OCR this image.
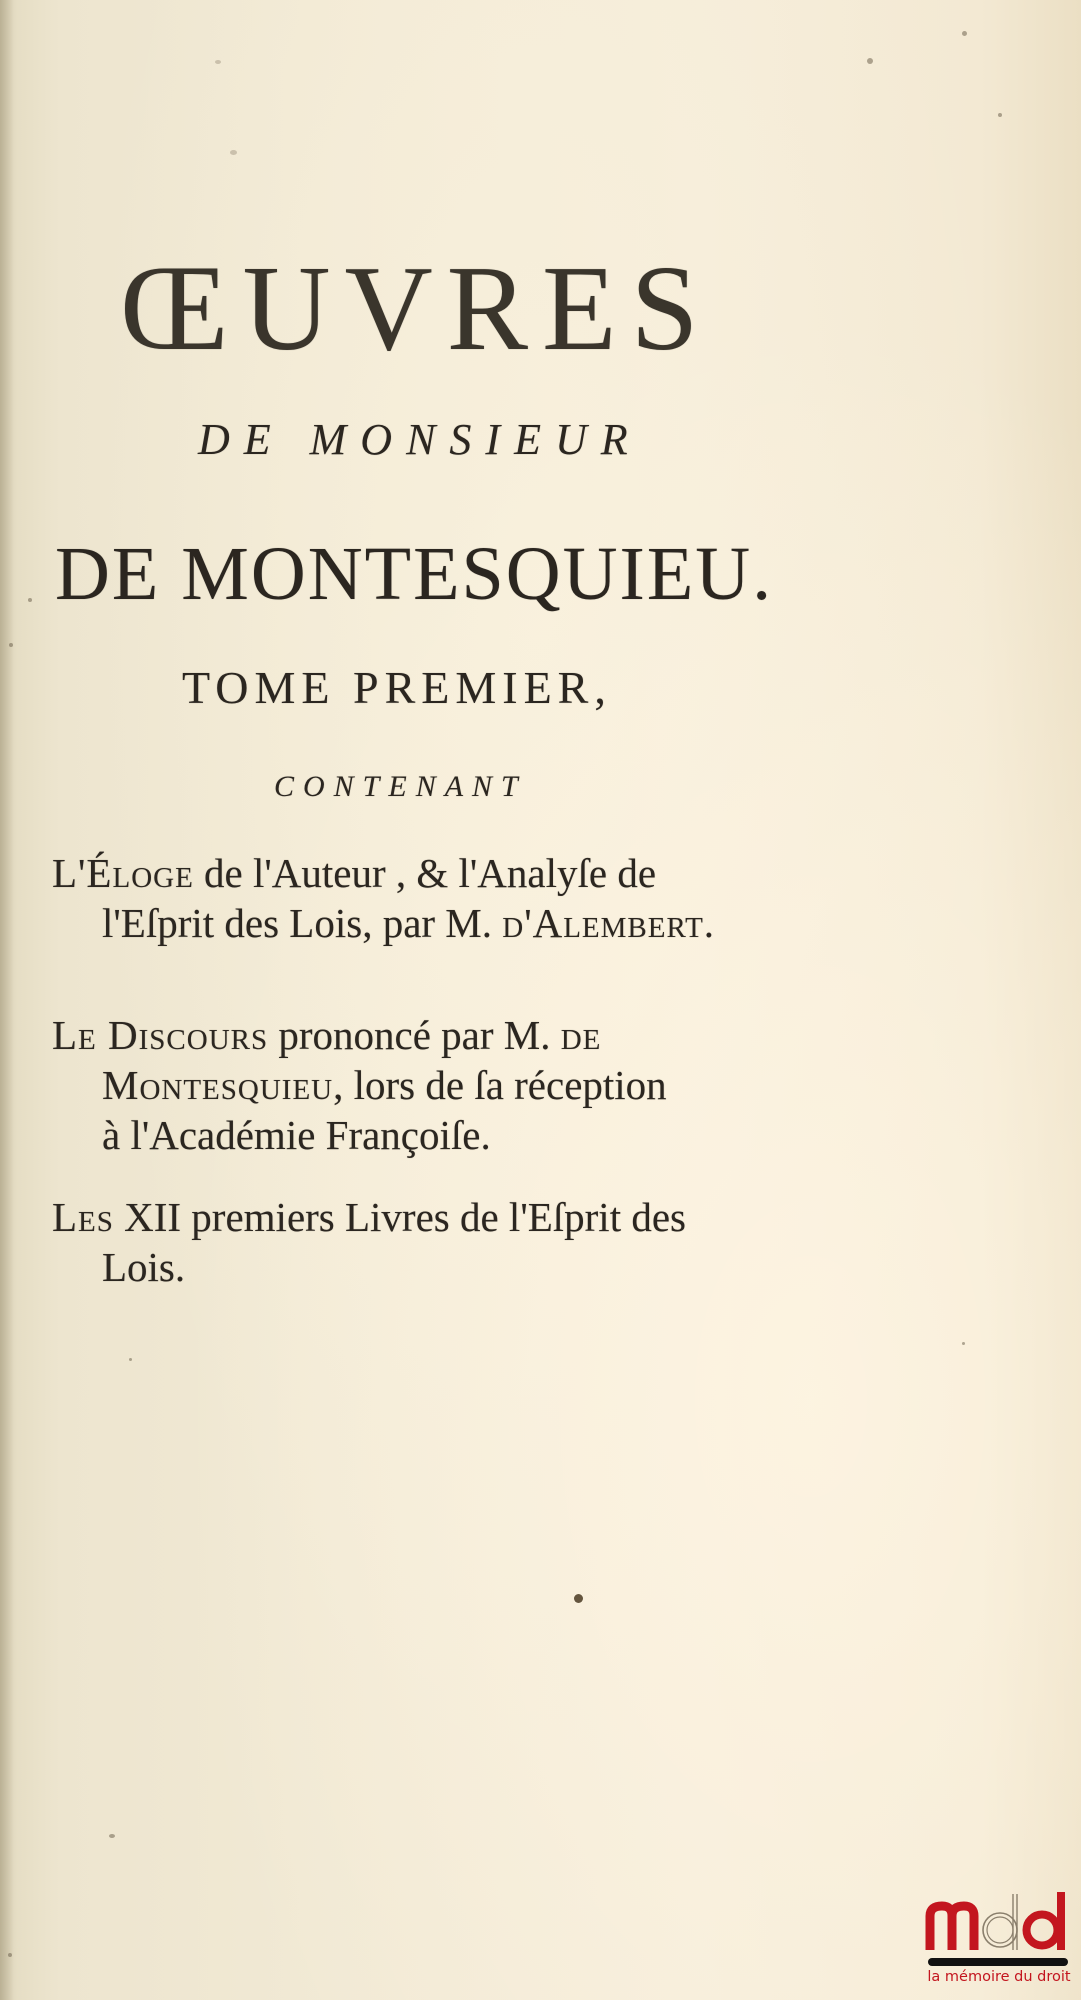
ŒUVRES
DE MONSIEUR
DE MONTESQUIEU.
TOME PREMIER,
CONTENANT
L'Éloge de l'Auteur , & l'Analyſe de
l'Eſprit des Lois, par M. d'Alembert.
Le Discours prononcé par M. de
Montesquieu, lors de ſa réception
à l'Académie Françoiſe.
Les XII premiers Livres de l'Eſprit des
Lois.
la mémoire du droit
